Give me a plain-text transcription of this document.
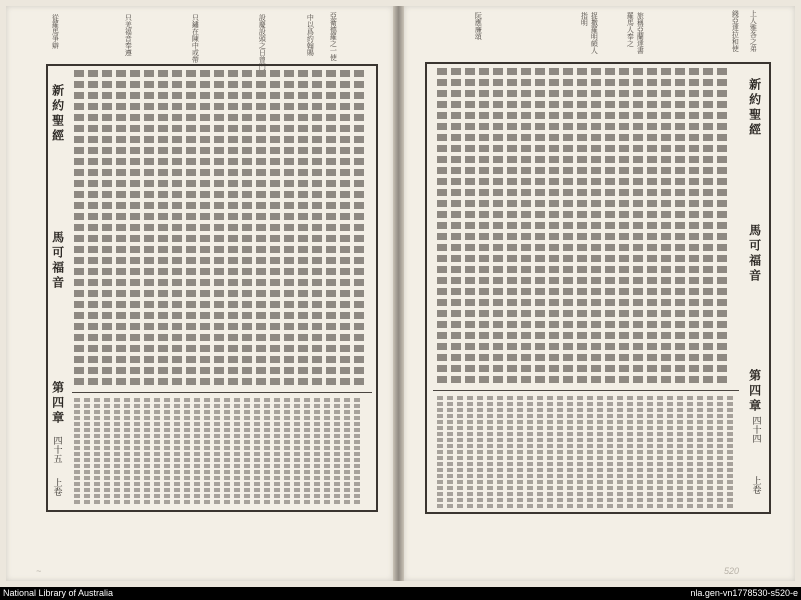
亞衛德羅之一使
中以爲約翰賜
設慶設頭之日曾門
只鏽在陳中或帶
只羌福音奉遵
從羅馬爭辯
新約聖經
馬可福音
第四章
四十五
上卷
~
上人雅各之弟
錢亞達拉和使
旅稱亞蘭達書
羅馬人奉之
捉撒羅明頗人
指明
阮應廉頌
新約聖經
馬可福音
第四章
四十四
上卷
520
National Library of Australia	nla.gen-vn1778530-s520-e
